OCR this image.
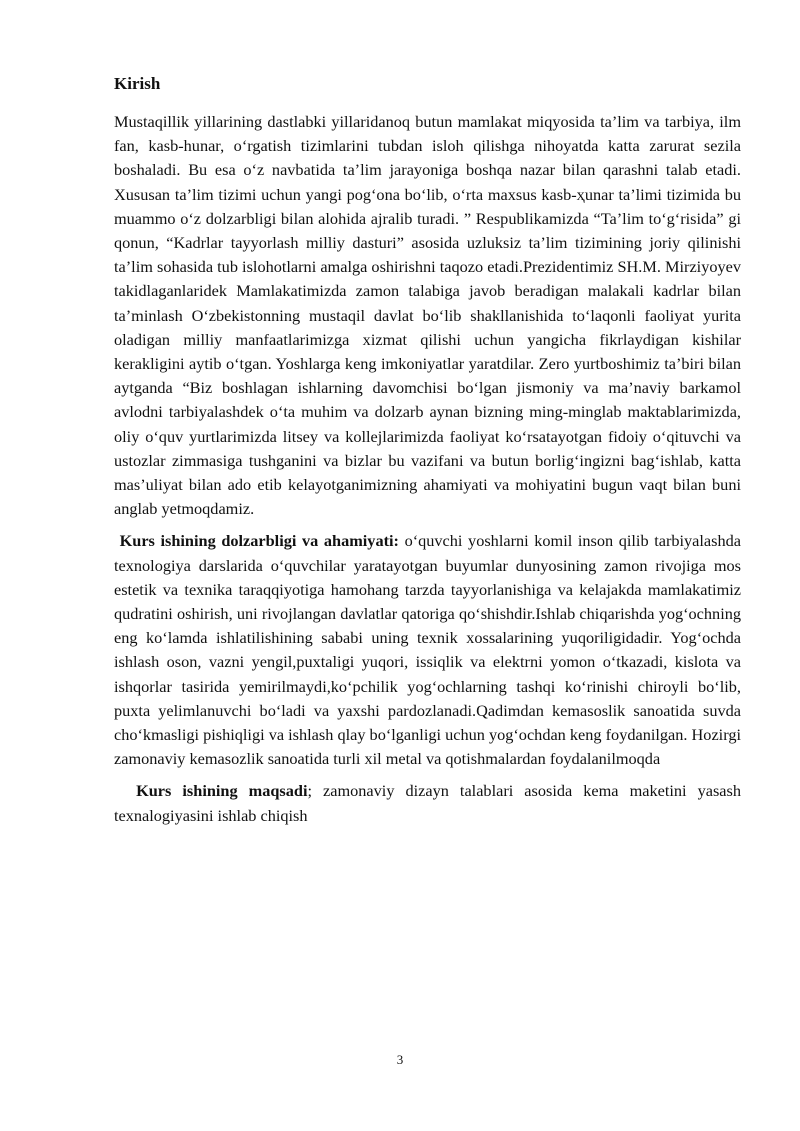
Kirish

Mustaqillik yillarining dastlabki yillaridanoq butun mamlakat miqyosida ta’lim va tarbiya, ilm fan, kasb-hunar, o‘rgatish tizimlarini tubdan isloh qilishga nihoyatda katta zarurat sezila boshaladi. Bu esa o‘z navbatida ta’lim jarayoniga boshqa nazar bilan qarashni talab etadi. Xususan ta’lim tizimi uchun yangi pog‘ona bo‘lib, o‘rta maxsus kasb-ҳunar ta’limi tizimida bu muammo o‘z dolzarbligi bilan alohida ajralib turadi. ” Respublikamizda “Ta’lim to‘g‘risida” gi qonun, “Kadrlar tayyorlash milliy dasturi” asosida uzluksiz ta’lim tizimining joriy qilinishi ta’lim sohasida tub islohotlarni amalga oshirishni taqozo etadi.Prezidentimiz SH.M. Mirziyoyev takidlaganlaridek Mamlakatimizda zamon talabiga javob beradigan malakali kadrlar bilan ta’minlash O‘zbekistonning mustaqil davlat bo‘lib shakllanishida to‘laqonli faoliyat yurita oladigan milliy manfaatlarimizga xizmat qilishi uchun yangicha fikrlaydigan kishilar kerakligini aytib o‘tgan. Yoshlarga keng imkoniyatlar yaratdilar. Zero yurtboshimiz ta’biri bilan aytganda “Biz boshlagan ishlarning davomchisi bo‘lgan jismoniy va ma’naviy barkamol avlodni tarbiyalashdek o‘ta muhim va dolzarb aynan bizning ming-minglab maktablarimizda, oliy o‘quv yurtlarimizda litsey va kollejlarimizda faoliyat ko‘rsatayotgan fidoiy o‘qituvchi va ustozlar zimmasiga tushganini va bizlar bu vazifani va butun borlig‘ingizni bag‘ishlab, katta mas’uliyat bilan ado etib kelayotganimizning ahamiyati va mohiyatini bugun vaqt bilan buni anglab yetmoqdamiz.

Kurs ishining dolzarbligi va ahamiyati: o‘quvchi yoshlarni komil inson qilib tarbiyalashda texnologiya darslarida o‘quvchilar yaratayotgan buyumlar dunyosining zamon rivojiga mos estetik va texnika taraqqiyotiga hamohang tarzda tayyorlanishiga va kelajakda mamlakatimiz qudratini oshirish, uni rivojlangan davlatlar qatoriga qo‘shishdir.Ishlab chiqarishda yog‘ochning eng ko‘lamda ishlatilishining sababi uning texnik xossalarining yuqoriligidadir. Yog‘ochda ishlash oson, vazni yengil,puxtaligi yuqori, issiqlik va elektrni yomon o‘tkazadi, kislota va ishqorlar tasirida yemirilmaydi,ko‘pchilik yog‘ochlarning tashqi ko‘rinishi chiroyli bo‘lib, puxta yelimlanuvchi bo‘ladi va yaxshi pardozlanadi.Qadimdan kemasoslik sanoatida suvda cho‘kmasligi pishiqligi va ishlash qlay bo‘lganligi uchun yog‘ochdan keng foydanilgan. Hozirgi zamonaviy kemasozlik sanoatida turli xil metal va qotishmalardan foydalanilmoqda

Kurs ishining maqsadi; zamonaviy dizayn talablari asosida kema maketini yasash texnalogiyasini ishlab chiqish

3
